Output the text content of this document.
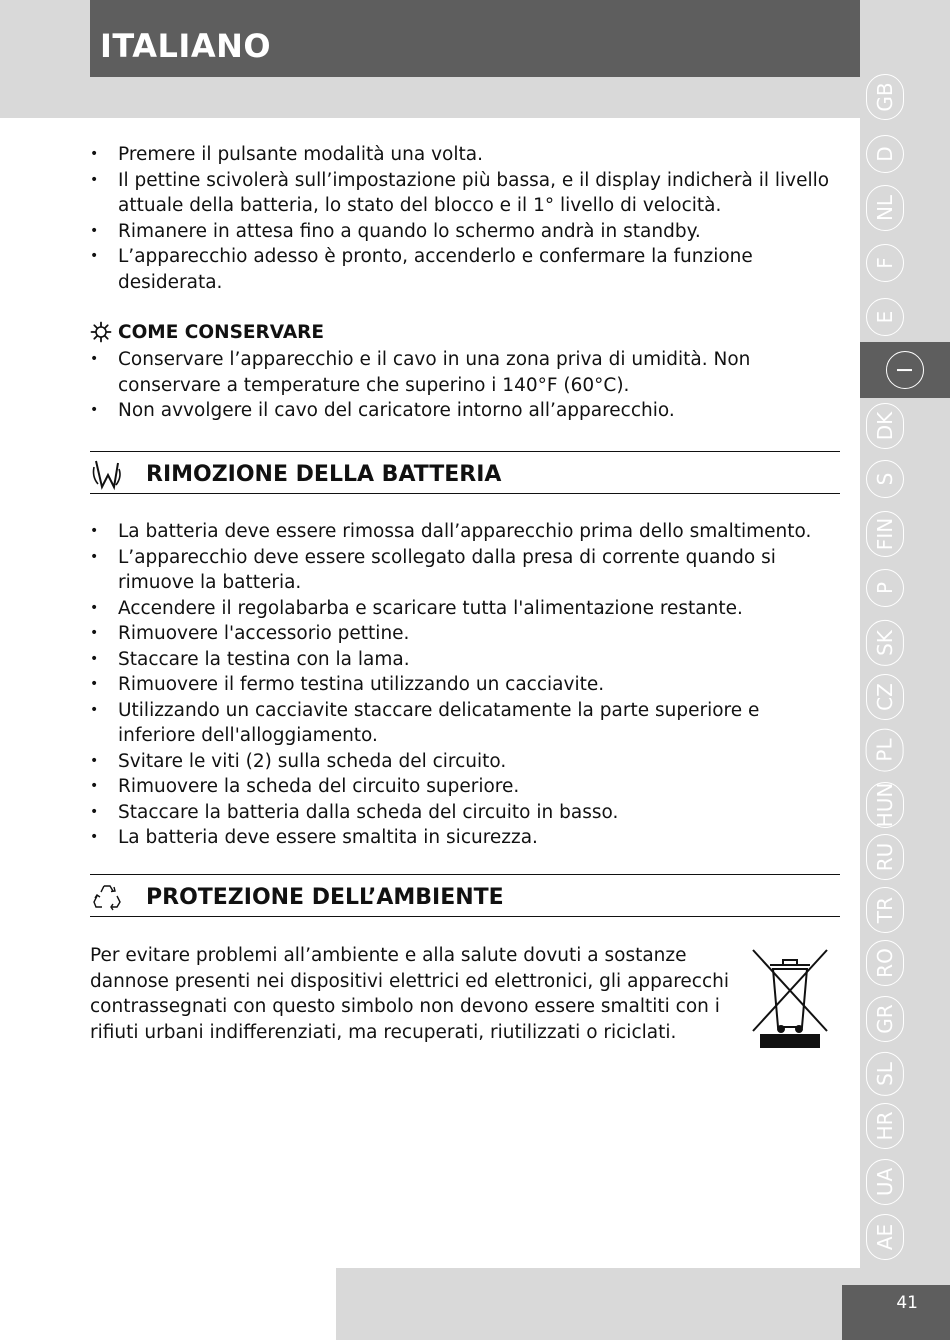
ITALIANO
GB
D
NL
F
E
I
DK
S
FIN
P
SK
CZ
PL
HUN
RU
TR
RO
GR
SL
HR
UA
AE
• Premere il pulsante modalità una volta.
• Il pettine scivolerà sull’impostazione più bassa, e il display indicherà il livello attuale della batteria, lo stato del blocco e il 1° livello di velocità.
• Rimanere in attesa fino a quando lo schermo andrà in standby.
• L’apparecchio adesso è pronto, accenderlo e confermare la funzione desiderata.
COME CONSERVARE
• Conservare l’apparecchio e il cavo in una zona priva di umidità. Non conservare a temperature che superino i 140°F (60°C).
• Non avvolgere il cavo del caricatore intorno all’apparecchio.
RIMOZIONE DELLA BATTERIA
• La batteria deve essere rimossa dall’apparecchio prima dello smaltimento.
• L’apparecchio deve essere scollegato dalla presa di corrente quando si rimuove la batteria.
• Accendere il regolabarba e scaricare tutta l'alimentazione restante.
• Rimuovere l'accessorio pettine.
• Staccare la testina con la lama.
• Rimuovere il fermo testina utilizzando un cacciavite.
• Utilizzando un cacciavite staccare delicatamente la parte superiore e inferiore dell'alloggiamento.
• Svitare le viti (2) sulla scheda del circuito.
• Rimuovere la scheda del circuito superiore.
• Staccare la batteria dalla scheda del circuito in basso.
• La batteria deve essere smaltita in sicurezza.
PROTEZIONE DELL’AMBIENTE
Per evitare problemi all’ambiente e alla salute dovuti a sostanze dannose presenti nei dispositivi elettrici ed elettronici, gli apparecchi contrassegnati con questo simbolo non devono essere smaltiti con i rifiuti urbani indifferenziati, ma recuperati, riutilizzati o riciclati.
41
